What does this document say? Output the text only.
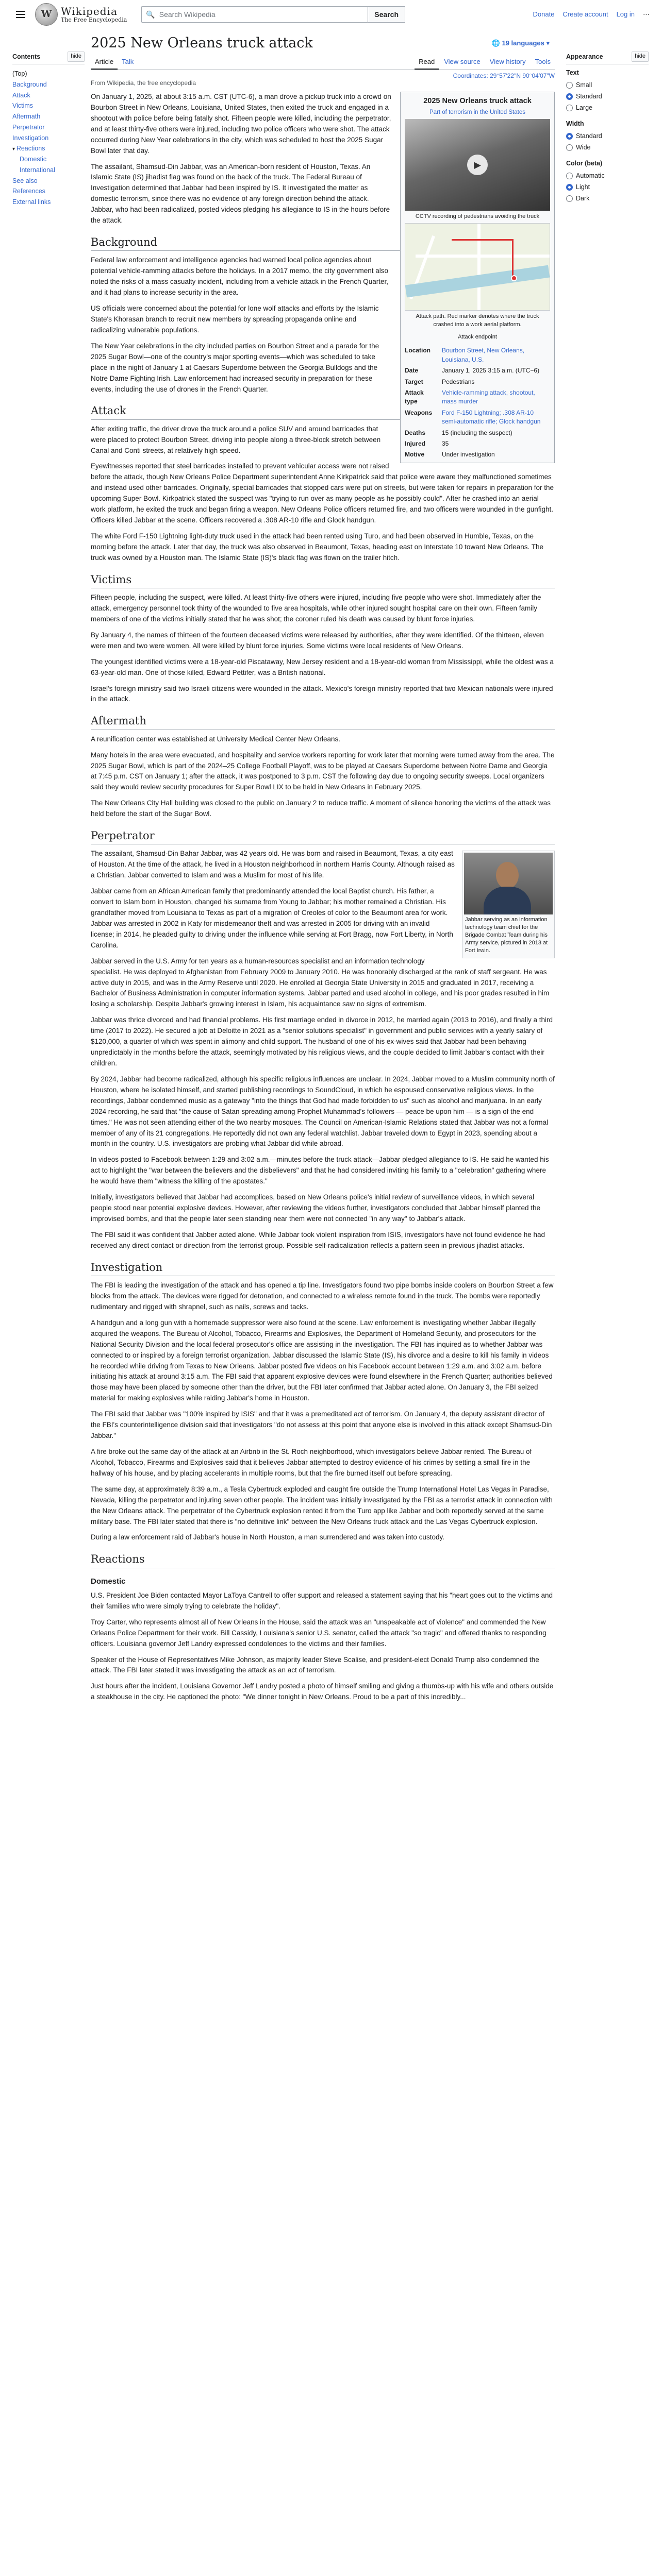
W Wikipedia
The Free Encyclopedia
🔍 Search Wikipedia	Search	Donate Create account Log in ⋯
Contents	hide
(Top)
Background
Attack
Victims
Aftermath
Perpetrator
Investigation
▾ Reactions
Domestic
International
See also
References
External links
2025 New Orleans truck attack	🌐 19 languages ▾
Article	Talk	Read	View source	View history	Tools
Coordinates: 29°57′22″N 90°04′07″W
From Wikipedia, the free encyclopedia
2025 New Orleans truck attack
Part of terrorism in the United States
▶
CCTV recording of pedestrians avoiding the truck
Attack path. Red marker denotes where the truck crashed into a work aerial platform.
Attack endpoint
Location	Bourbon Street, New Orleans, Louisiana, U.S.
Date	January 1, 2025 3:15 a.m. (UTC−6)
Target	Pedestrians
Attack type	Vehicle-ramming attack, shootout, mass murder
Weapons	Ford F-150 Lightning; .308 AR-10 semi-automatic rifle; Glock handgun
Deaths	15 (including the suspect)
Injured	35
Motive	Under investigation

On January 1, 2025, at about 3:15 a.m. CST (UTC-6), a man drove a pickup truck into a crowd on Bourbon Street in New Orleans, Louisiana, United States, then exited the truck and engaged in a shootout with police before being fatally shot. Fifteen people were killed, including the perpetrator, and at least thirty-five others were injured, including two police officers who were shot. The attack occurred during New Year celebrations in the city, which was scheduled to host the 2025 Sugar Bowl later that day.

The assailant, Shamsud-Din Jabbar, was an American-born resident of Houston, Texas. An Islamic State (IS) jihadist flag was found on the back of the truck. The Federal Bureau of Investigation determined that Jabbar had been inspired by IS. It investigated the matter as domestic terrorism, since there was no evidence of any foreign direction behind the attack. Jabbar, who had been radicalized, posted videos pledging his allegiance to IS in the hours before the attack.

Background

Federal law enforcement and intelligence agencies had warned local police agencies about potential vehicle-ramming attacks before the holidays. In a 2017 memo, the city government also noted the risks of a mass casualty incident, including from a vehicle attack in the French Quarter, and it had plans to increase security in the area.

US officials were concerned about the potential for lone wolf attacks and efforts by the Islamic State's Khorasan branch to recruit new members by spreading propaganda online and radicalizing vulnerable populations.

The New Year celebrations in the city included parties on Bourbon Street and a parade for the 2025 Sugar Bowl—one of the country's major sporting events—which was scheduled to take place in the night of January 1 at Caesars Superdome between the Georgia Bulldogs and the Notre Dame Fighting Irish. Law enforcement had increased security in preparation for these events, including the use of drones in the French Quarter.

Attack

After exiting traffic, the driver drove the truck around a police SUV and around barricades that were placed to protect Bourbon Street, driving into people along a three-block stretch between Canal and Conti streets, at relatively high speed.

Eyewitnesses reported that steel barricades installed to prevent vehicular access were not raised before the attack, though New Orleans Police Department superintendent Anne Kirkpatrick said that police were aware they malfunctioned sometimes and instead used other barricades. Originally, special barricades that stopped cars were put on streets, but were taken for repairs in preparation for the upcoming Super Bowl. Kirkpatrick stated the suspect was "trying to run over as many people as he possibly could". After he crashed into an aerial work platform, he exited the truck and began firing a weapon. New Orleans Police officers returned fire, and two officers were wounded in the gunfight. Officers killed Jabbar at the scene. Officers recovered a .308 AR-10 rifle and Glock handgun.

The white Ford F-150 Lightning light-duty truck used in the attack had been rented using Turo, and had been observed in Humble, Texas, on the morning before the attack. Later that day, the truck was also observed in Beaumont, Texas, heading east on Interstate 10 toward New Orleans. The truck was owned by a Houston man. The Islamic State (IS)'s black flag was flown on the trailer hitch.

Victims

Fifteen people, including the suspect, were killed. At least thirty-five others were injured, including five people who were shot. Immediately after the attack, emergency personnel took thirty of the wounded to five area hospitals, while other injured sought hospital care on their own. Fifteen family members of one of the victims initially stated that he was shot; the coroner ruled his death was caused by blunt force injuries.

By January 4, the names of thirteen of the fourteen deceased victims were released by authorities, after they were identified. Of the thirteen, eleven were men and two were women. All were killed by blunt force injuries. Some victims were local residents of New Orleans.

The youngest identified victims were a 18-year-old Piscataway, New Jersey resident and a 18-year-old woman from Mississippi, while the oldest was a 63-year-old man. One of those killed, Edward Pettifer, was a British national.

Israel's foreign ministry said two Israeli citizens were wounded in the attack. Mexico's foreign ministry reported that two Mexican nationals were injured in the attack.

Aftermath

A reunification center was established at University Medical Center New Orleans.

Many hotels in the area were evacuated, and hospitality and service workers reporting for work later that morning were turned away from the area. The 2025 Sugar Bowl, which is part of the 2024–25 College Football Playoff, was to be played at Caesars Superdome between Notre Dame and Georgia at 7:45 p.m. CST on January 1; after the attack, it was postponed to 3 p.m. CST the following day due to ongoing security sweeps. Local organizers said they would review security procedures for Super Bowl LIX to be held in New Orleans in February 2025.

The New Orleans City Hall building was closed to the public on January 2 to reduce traffic. A moment of silence honoring the victims of the attack was held before the start of the Sugar Bowl.

Perpetrator
Jabbar serving as an information technology team chief for the Brigade Combat Team during his Army service, pictured in 2013 at Fort Irwin.

The assailant, Shamsud-Din Bahar Jabbar, was 42 years old. He was born and raised in Beaumont, Texas, a city east of Houston. At the time of the attack, he lived in a Houston neighborhood in northern Harris County. Although raised as a Christian, Jabbar converted to Islam and was a Muslim for most of his life.

Jabbar came from an African American family that predominantly attended the local Baptist church. His father, a convert to Islam born in Houston, changed his surname from Young to Jabbar; his mother remained a Christian. His grandfather moved from Louisiana to Texas as part of a migration of Creoles of color to the Beaumont area for work. Jabbar was arrested in 2002 in Katy for misdemeanor theft and was arrested in 2005 for driving with an invalid license; in 2014, he pleaded guilty to driving under the influence while serving at Fort Bragg, now Fort Liberty, in North Carolina.

Jabbar served in the U.S. Army for ten years as a human-resources specialist and an information technology specialist. He was deployed to Afghanistan from February 2009 to January 2010. He was honorably discharged at the rank of staff sergeant. He was active duty in 2015, and was in the Army Reserve until 2020. He enrolled at Georgia State University in 2015 and graduated in 2017, receiving a Bachelor of Business Administration in computer information systems. Jabbar parted and used alcohol in college, and his poor grades resulted in him losing a scholarship. Despite Jabbar's growing interest in Islam, his acquaintance saw no signs of extremism.

Jabbar was thrice divorced and had financial problems. His first marriage ended in divorce in 2012, he married again (2013 to 2016), and finally a third time (2017 to 2022). He secured a job at Deloitte in 2021 as a "senior solutions specialist" in government and public services with a yearly salary of $120,000, a quarter of which was spent in alimony and child support. The husband of one of his ex-wives said that Jabbar had been behaving unpredictably in the months before the attack, seemingly motivated by his religious views, and the couple decided to limit Jabbar's contact with their children.

By 2024, Jabbar had become radicalized, although his specific religious influences are unclear. In 2024, Jabbar moved to a Muslim community north of Houston, where he isolated himself, and started publishing recordings to SoundCloud, in which he espoused conservative religious views. In the recordings, Jabbar condemned music as a gateway "into the things that God had made forbidden to us" such as alcohol and marijuana. In an early 2024 recording, he said that "the cause of Satan spreading among Prophet Muhammad's followers — peace be upon him — is a sign of the end times." He was not seen attending either of the two nearby mosques. The Council on American-Islamic Relations stated that Jabbar was not a formal member of any of its 21 congregations. He reportedly did not own any federal watchlist. Jabbar traveled down to Egypt in 2023, spending about a month in the country. U.S. investigators are probing what Jabbar did while abroad.

In videos posted to Facebook between 1:29 and 3:02 a.m.—minutes before the truck attack—Jabbar pledged allegiance to IS. He said he wanted his act to highlight the "war between the believers and the disbelievers" and that he had considered inviting his family to a "celebration" gathering where he would have them "witness the killing of the apostates."

Initially, investigators believed that Jabbar had accomplices, based on New Orleans police's initial review of surveillance videos, in which several people stood near potential explosive devices. However, after reviewing the videos further, investigators concluded that Jabbar himself planted the improvised bombs, and that the people later seen standing near them were not connected "in any way" to Jabbar's attack.

The FBI said it was confident that Jabber acted alone. While Jabbar took violent inspiration from ISIS, investigators have not found evidence he had received any direct contact or direction from the terrorist group. Possible self-radicalization reflects a pattern seen in previous jihadist attacks.

Investigation

The FBI is leading the investigation of the attack and has opened a tip line. Investigators found two pipe bombs inside coolers on Bourbon Street a few blocks from the attack. The devices were rigged for detonation, and connected to a wireless remote found in the truck. The bombs were reportedly rudimentary and rigged with shrapnel, such as nails, screws and tacks.

A handgun and a long gun with a homemade suppressor were also found at the scene. Law enforcement is investigating whether Jabbar illegally acquired the weapons. The Bureau of Alcohol, Tobacco, Firearms and Explosives, the Department of Homeland Security, and prosecutors for the National Security Division and the local federal prosecutor's office are assisting in the investigation. The FBI has inquired as to whether Jabbar was connected to or inspired by a foreign terrorist organization. Jabbar discussed the Islamic State (IS), his divorce and a desire to kill his family in videos he recorded while driving from Texas to New Orleans. Jabbar posted five videos on his Facebook account between 1:29 a.m. and 3:02 a.m. before initiating his attack at around 3:15 a.m. The FBI said that apparent explosive devices were found elsewhere in the French Quarter; authorities believed those may have been placed by someone other than the driver, but the FBI later confirmed that Jabbar acted alone. On January 3, the FBI seized material for making explosives while raiding Jabbar's home in Houston.

The FBI said that Jabbar was "100% inspired by ISIS" and that it was a premeditated act of terrorism. On January 4, the deputy assistant director of the FBI's counterintelligence division said that investigators "do not assess at this point that anyone else is involved in this attack except Shamsud-Din Jabbar."

A fire broke out the same day of the attack at an Airbnb in the St. Roch neighborhood, which investigators believe Jabbar rented. The Bureau of Alcohol, Tobacco, Firearms and Explosives said that it believes Jabbar attempted to destroy evidence of his crimes by setting a small fire in the hallway of his house, and by placing accelerants in multiple rooms, but that the fire burned itself out before spreading.

The same day, at approximately 8:39 a.m., a Tesla Cybertruck exploded and caught fire outside the Trump International Hotel Las Vegas in Paradise, Nevada, killing the perpetrator and injuring seven other people. The incident was initially investigated by the FBI as a terrorist attack in connection with the New Orleans attack. The perpetrator of the Cybertruck explosion rented it from the Turo app like Jabbar and both reportedly served at the same military base. The FBI later stated that there is "no definitive link" between the New Orleans truck attack and the Las Vegas Cybertruck explosion.

During a law enforcement raid of Jabbar's house in North Houston, a man surrendered and was taken into custody.

Reactions
Domestic

U.S. President Joe Biden contacted Mayor LaToya Cantrell to offer support and released a statement saying that his "heart goes out to the victims and their families who were simply trying to celebrate the holiday".

Troy Carter, who represents almost all of New Orleans in the House, said the attack was an "unspeakable act of violence" and commended the New Orleans Police Department for their work. Bill Cassidy, Louisiana's senior U.S. senator, called the attack "so tragic" and offered thanks to responding officers. Louisiana governor Jeff Landry expressed condolences to the victims and their families.

Speaker of the House of Representatives Mike Johnson, as majority leader Steve Scalise, and president-elect Donald Trump also condemned the attack. The FBI later stated it was investigating the attack as an act of terrorism.

Just hours after the incident, Louisiana Governor Jeff Landry posted a photo of himself smiling and giving a thumbs-up with his wife and others outside a steakhouse in the city. He captioned the photo: "We dinner tonight in New Orleans. Proud to be a part of this incredibly...

Appearance	hide
Text
Small
Standard
Large
Width
Standard
Wide
Color (beta)
Automatic
Light
Dark
